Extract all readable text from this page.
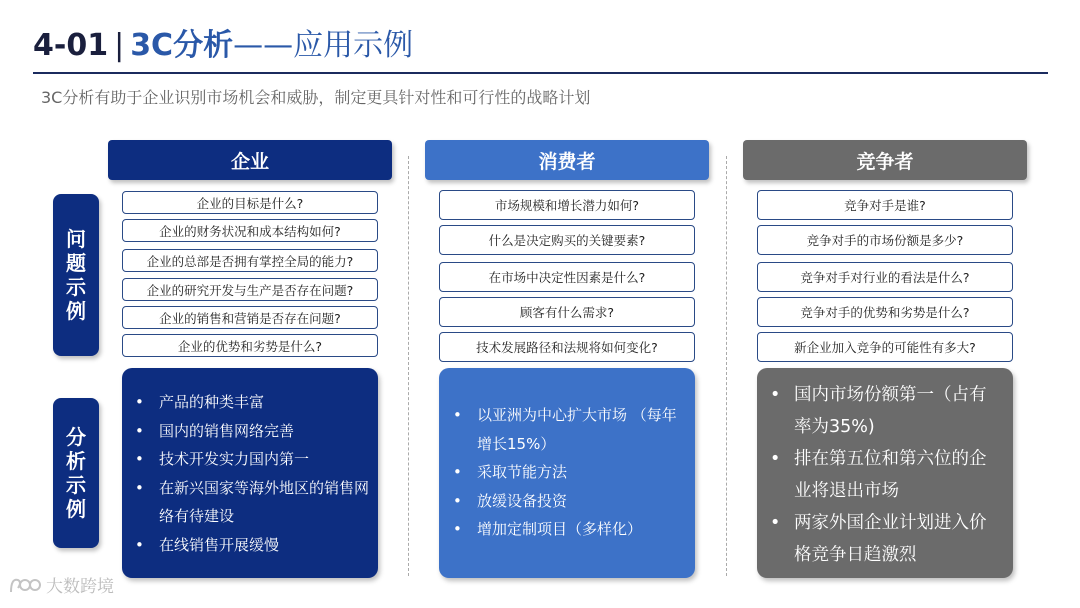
4-01 | 3C分析——应用示例
3C分析有助于企业识别市场机会和威胁，制定更具针对性和可行性的战略计划
企业	消费者	竞争者
问
题
示
例
分
析
示
例
企业的目标是什么?
企业的财务状况和成本结构如何?
企业的总部是否拥有掌控全局的能力?
企业的研究开发与生产是否存在问题?
企业的销售和营销是否存在问题?
企业的优势和劣势是什么?
市场规模和增长潜力如何?
什么是决定购买的关键要素?
在市场中决定性因素是什么?
顾客有什么需求?
技术发展路径和法规将如何变化?
竞争对手是谁?
竞争对手的市场份额是多少?
竞争对手对行业的看法是什么?
竞争对手的优势和劣势是什么?
新企业加入竞争的可能性有多大?
• 产品的种类丰富
• 国内的销售网络完善
• 技术开发实力国内第一
• 在新兴国家等海外地区的销售网络有待建设
• 在线销售开展缓慢
• 以亚洲为中心扩大市场 （每年增长15%）
• 采取节能方法
• 放缓设备投资
• 增加定制项目（多样化）
• 国内市场份额第一（占有率为35%)
• 排在第五位和第六位的企业将退出市场
• 两家外国企业计划进入价格竞争日趋激烈
大数跨境
